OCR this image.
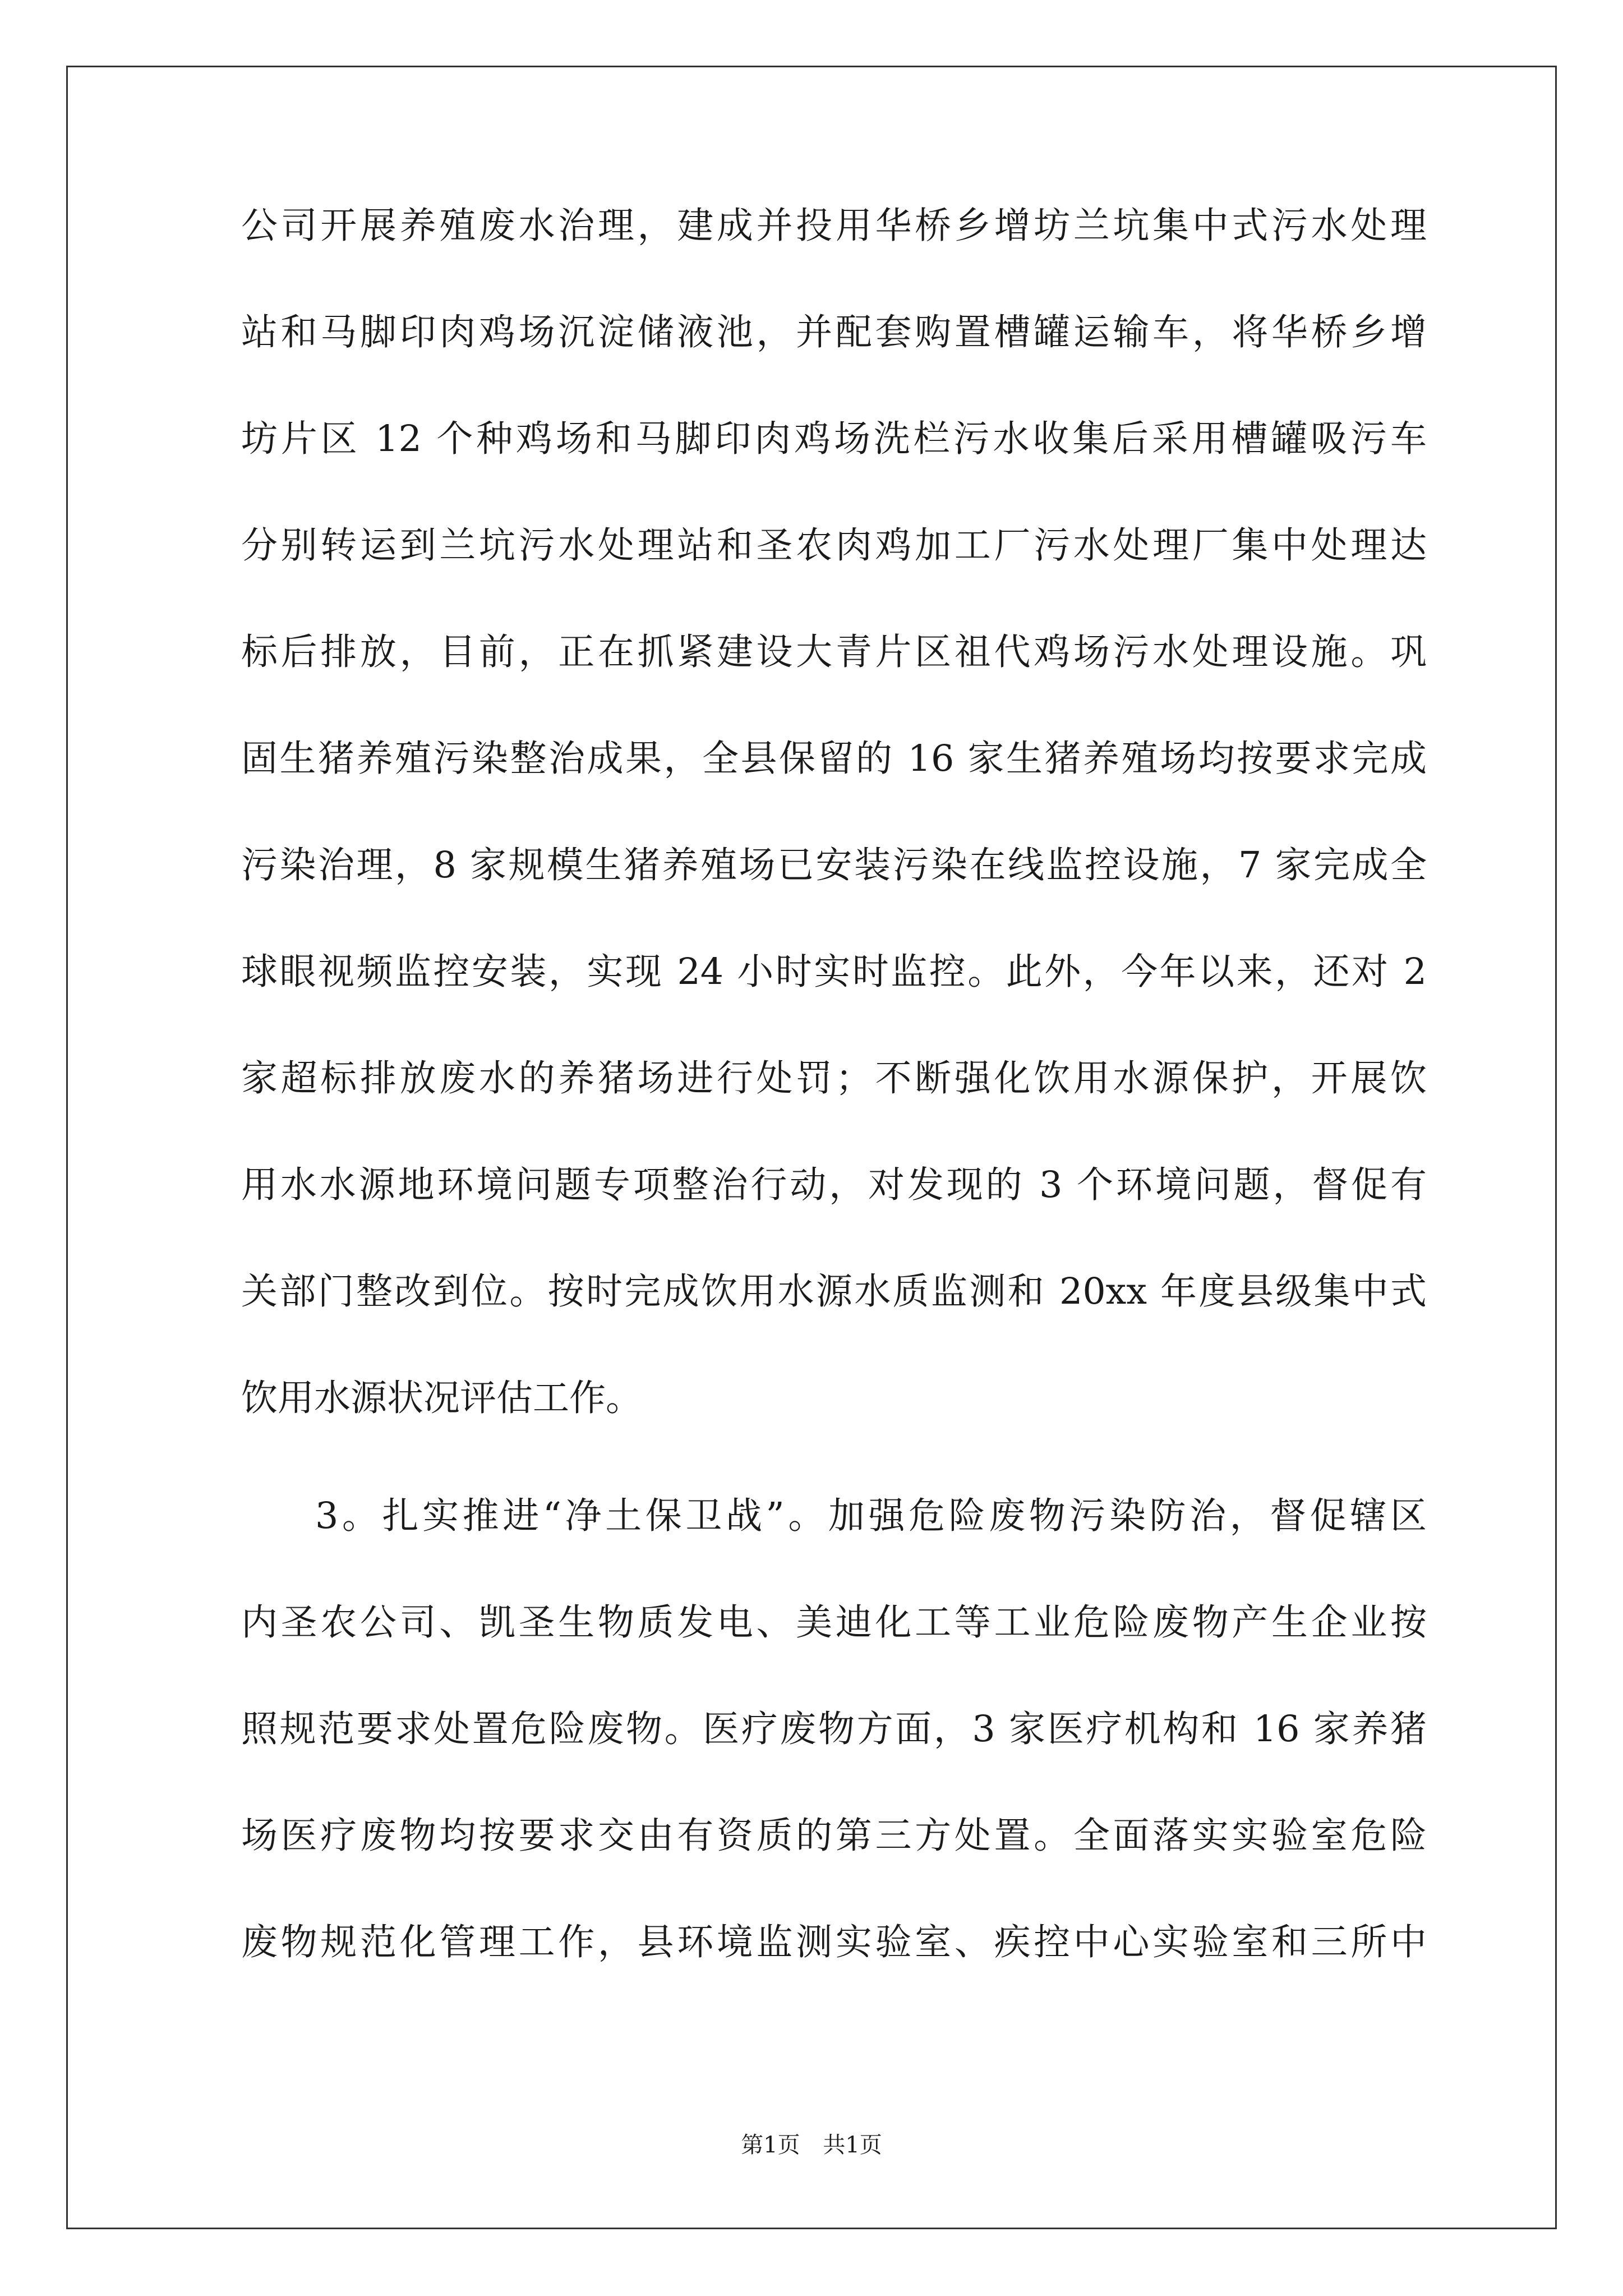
公司开展养殖废水治理，建成并投用华桥乡增坊兰坑集中式污水处理
站和马脚印肉鸡场沉淀储液池，并配套购置槽罐运输车，将华桥乡增
坊片区 12 个种鸡场和马脚印肉鸡场洗栏污水收集后采用槽罐吸污车
分别转运到兰坑污水处理站和圣农肉鸡加工厂污水处理厂集中处理达
标后排放，目前，正在抓紧建设大青片区祖代鸡场污水处理设施。巩
固生猪养殖污染整治成果，全县保留的 16 家生猪养殖场均按要求完成
污染治理，8 家规模生猪养殖场已安装污染在线监控设施，7 家完成全
球眼视频监控安装，实现 24 小时实时监控。此外，今年以来，还对 2
家超标排放废水的养猪场进行处罚；不断强化饮用水源保护，开展饮
用水水源地环境问题专项整治行动，对发现的 3 个环境问题，督促有
关部门整改到位。按时完成饮用水源水质监测和 20xx 年度县级集中式
饮用水源状况评估工作。
3。扎实推进“净土保卫战”。加强危险废物污染防治，督促辖区
内圣农公司、凯圣生物质发电、美迪化工等工业危险废物产生企业按
照规范要求处置危险废物。医疗废物方面，3 家医疗机构和 16 家养猪
场医疗废物均按要求交由有资质的第三方处置。全面落实实验室危险
废物规范化管理工作，县环境监测实验室、疾控中心实验室和三所中
第1页 共1页
